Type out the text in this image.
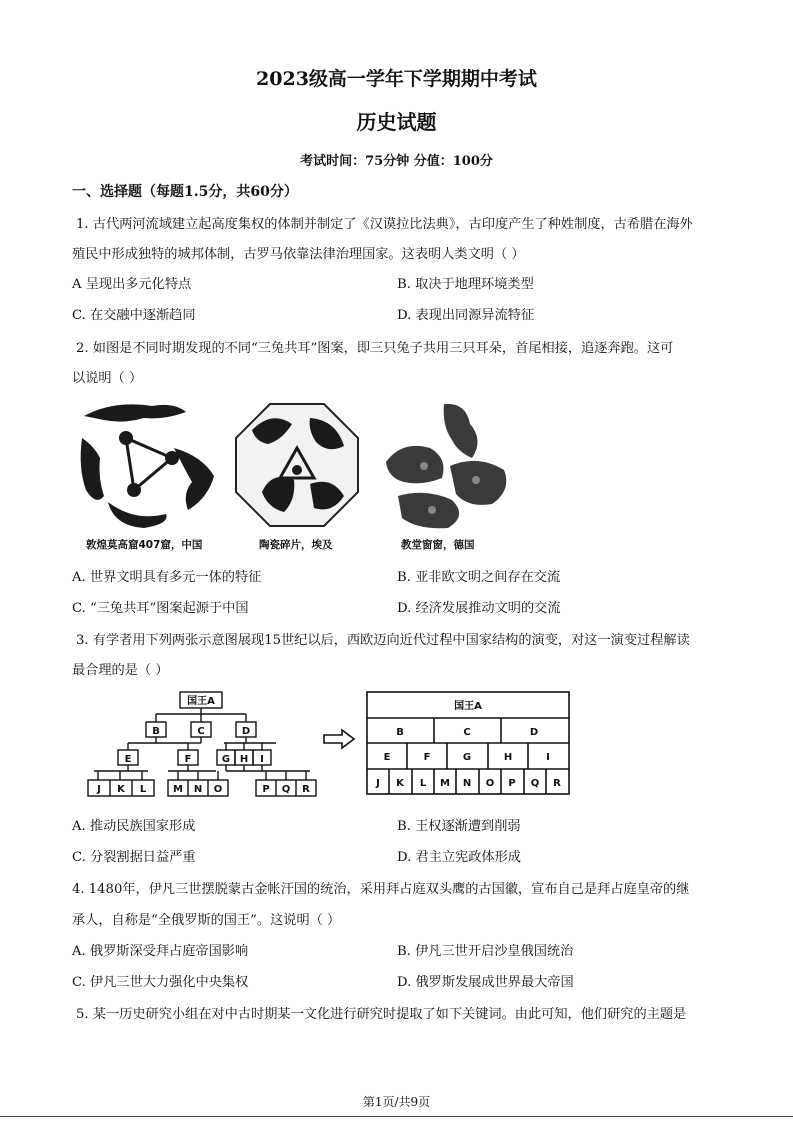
2023级高一学年下学期期中考试
历史试题
考试时间：75分钟 分值：100分
一、选择题（每题1.5分，共60分）
1. 古代两河流域建立起高度集权的体制并制定了《汉谟拉比法典》，古印度产生了种姓制度，古希腊在海外
殖民中形成独特的城邦体制，古罗马依靠法律治理国家。这表明人类文明（ ）
A 呈现出多元化特点	B. 取决于地理环境类型
C. 在交融中逐渐趋同	D. 表现出同源异流特征
2. 如图是不同时期发现的不同“三兔共耳”图案，即三只兔子共用三只耳朵，首尾相接，追逐奔跑。这可
以说明（ ）
敦煌莫高窟407窟，中国	陶瓷碎片，埃及	教堂窗窗，德国
A. 世界文明具有多元一体的特征	B. 亚非欧文明之间存在交流
C. “三兔共耳”图案起源于中国	D. 经济发展推动文明的交流
3. 有学者用下列两张示意图展现15世纪以后，西欧迈向近代过程中国家结构的演变，对这一演变过程解读
最合理的是（ ）
国王A
B	C	D
E	F	G H I
J K L	M N O	P Q R
国王A
B	C	D
E	F	G	H	I
J K L M N O P Q R
A. 推动民族国家形成	B. 王权逐渐遭到削弱
C. 分裂割据日益严重	D. 君主立宪政体形成
4. 1480年，伊凡三世摆脱蒙古金帐汗国的统治，采用拜占庭双头鹰的古国徽，宣布自己是拜占庭皇帝的继
承人，自称是“全俄罗斯的国王”。这说明（ ）
A. 俄罗斯深受拜占庭帝国影响	B. 伊凡三世开启沙皇俄国统治
C. 伊凡三世大力强化中央集权	D. 俄罗斯发展成世界最大帝国
5. 某一历史研究小组在对中古时期某一文化进行研究时提取了如下关键词。由此可知，他们研究的主题是
第1页/共9页
